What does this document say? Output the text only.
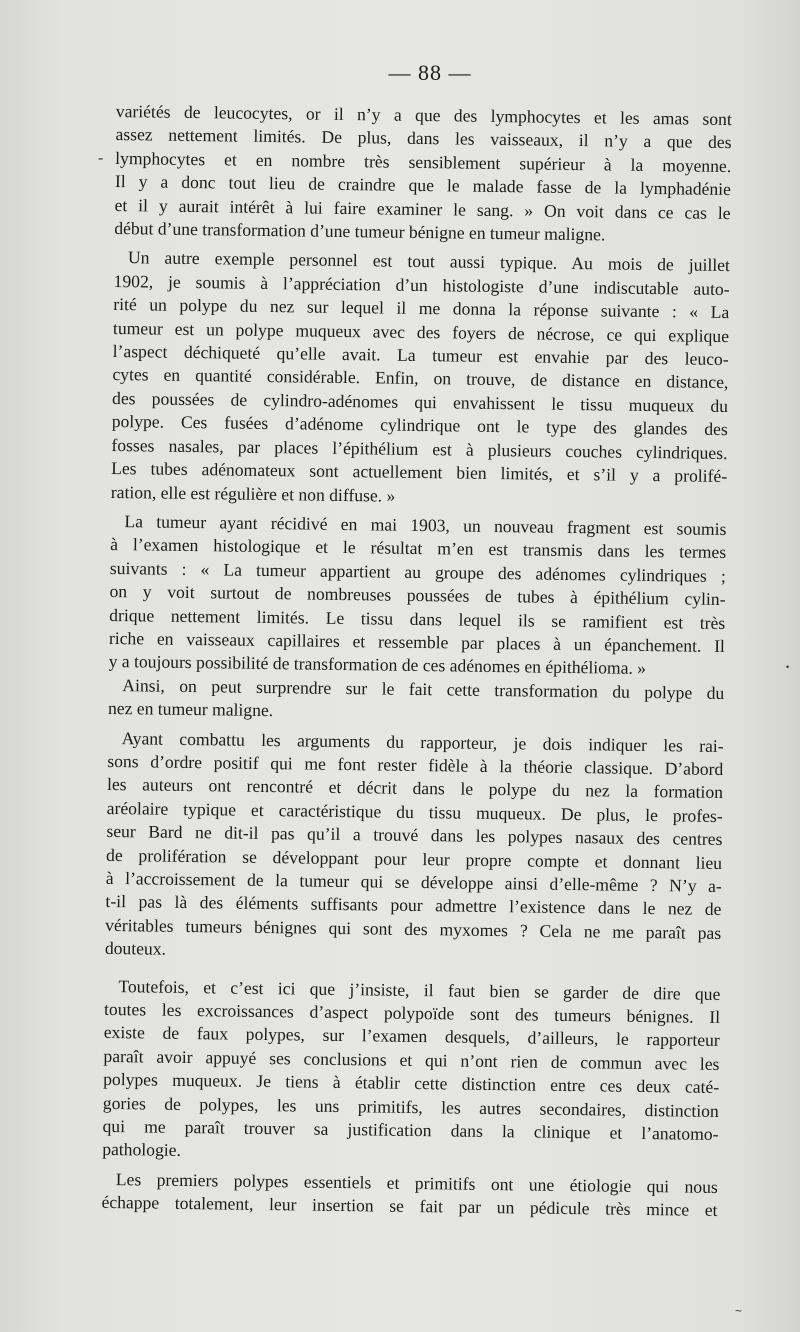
— 88 —

variétés de leucocytes, or il n’y a que des lymphocytes et les amas sont

assez nettement limités. De plus, dans les vaisseaux, il n’y a que des

lymphocytes et en nombre très sensiblement supérieur à la moyenne.

Il y a donc tout lieu de craindre que le malade fasse de la lymphadénie

et il y aurait intérêt à lui faire examiner le sang. » On voit dans ce cas le

début d’une transformation d’une tumeur bénigne en tumeur maligne.

Un autre exemple personnel est tout aussi typique. Au mois de juillet

1902, je soumis à l’appréciation d’un histologiste d’une indiscutable auto-

rité un polype du nez sur lequel il me donna la réponse suivante : « La

tumeur est un polype muqueux avec des foyers de nécrose, ce qui explique

l’aspect déchiqueté qu’elle avait. La tumeur est envahie par des leuco-

cytes en quantité considérable. Enfin, on trouve, de distance en distance,

des poussées de cylindro-adénomes qui envahissent le tissu muqueux du

polype. Ces fusées d’adénome cylindrique ont le type des glandes des

fosses nasales, par places l’épithélium est à plusieurs couches cylindriques.

Les tubes adénomateux sont actuellement bien limités, et s’il y a prolifé-

ration, elle est régulière et non diffuse. »

La tumeur ayant récidivé en mai 1903, un nouveau fragment est soumis

à l’examen histologique et le résultat m’en est transmis dans les termes

suivants : « La tumeur appartient au groupe des adénomes cylindriques ;

on y voit surtout de nombreuses poussées de tubes à épithélium cylin-

drique nettement limités. Le tissu dans lequel ils se ramifient est très

riche en vaisseaux capillaires et ressemble par places à un épanchement. Il

y a toujours possibilité de transformation de ces adénomes en épithélioma. »

Ainsi, on peut surprendre sur le fait cette transformation du polype du

nez en tumeur maligne.

Ayant combattu les arguments du rapporteur, je dois indiquer les rai-

sons d’ordre positif qui me font rester fidèle à la théorie classique. D’abord

les auteurs ont rencontré et décrit dans le polype du nez la formation

aréolaire typique et caractéristique du tissu muqueux. De plus, le profes-

seur Bard ne dit-il pas qu’il a trouvé dans les polypes nasaux des centres

de prolifération se développant pour leur propre compte et donnant lieu

à l’accroissement de la tumeur qui se développe ainsi d’elle-même ? N’y a-

t-il pas là des éléments suffisants pour admettre l’existence dans le nez de

véritables tumeurs bénignes qui sont des myxomes ? Cela ne me paraît pas

douteux.

Toutefois, et c’est ici que j’insiste, il faut bien se garder de dire que

toutes les excroissances d’aspect polypoïde sont des tumeurs bénignes. Il

existe de faux polypes, sur l’examen desquels, d’ailleurs, le rapporteur

paraît avoir appuyé ses conclusions et qui n’ont rien de commun avec les

polypes muqueux. Je tiens à établir cette distinction entre ces deux caté-

gories de polypes, les uns primitifs, les autres secondaires, distinction

qui me paraît trouver sa justification dans la clinique et l’anatomo-

pathologie.

Les premiers polypes essentiels et primitifs ont une étiologie qui nous

échappe totalement, leur insertion se fait par un pédicule très mince et

-
•
~
